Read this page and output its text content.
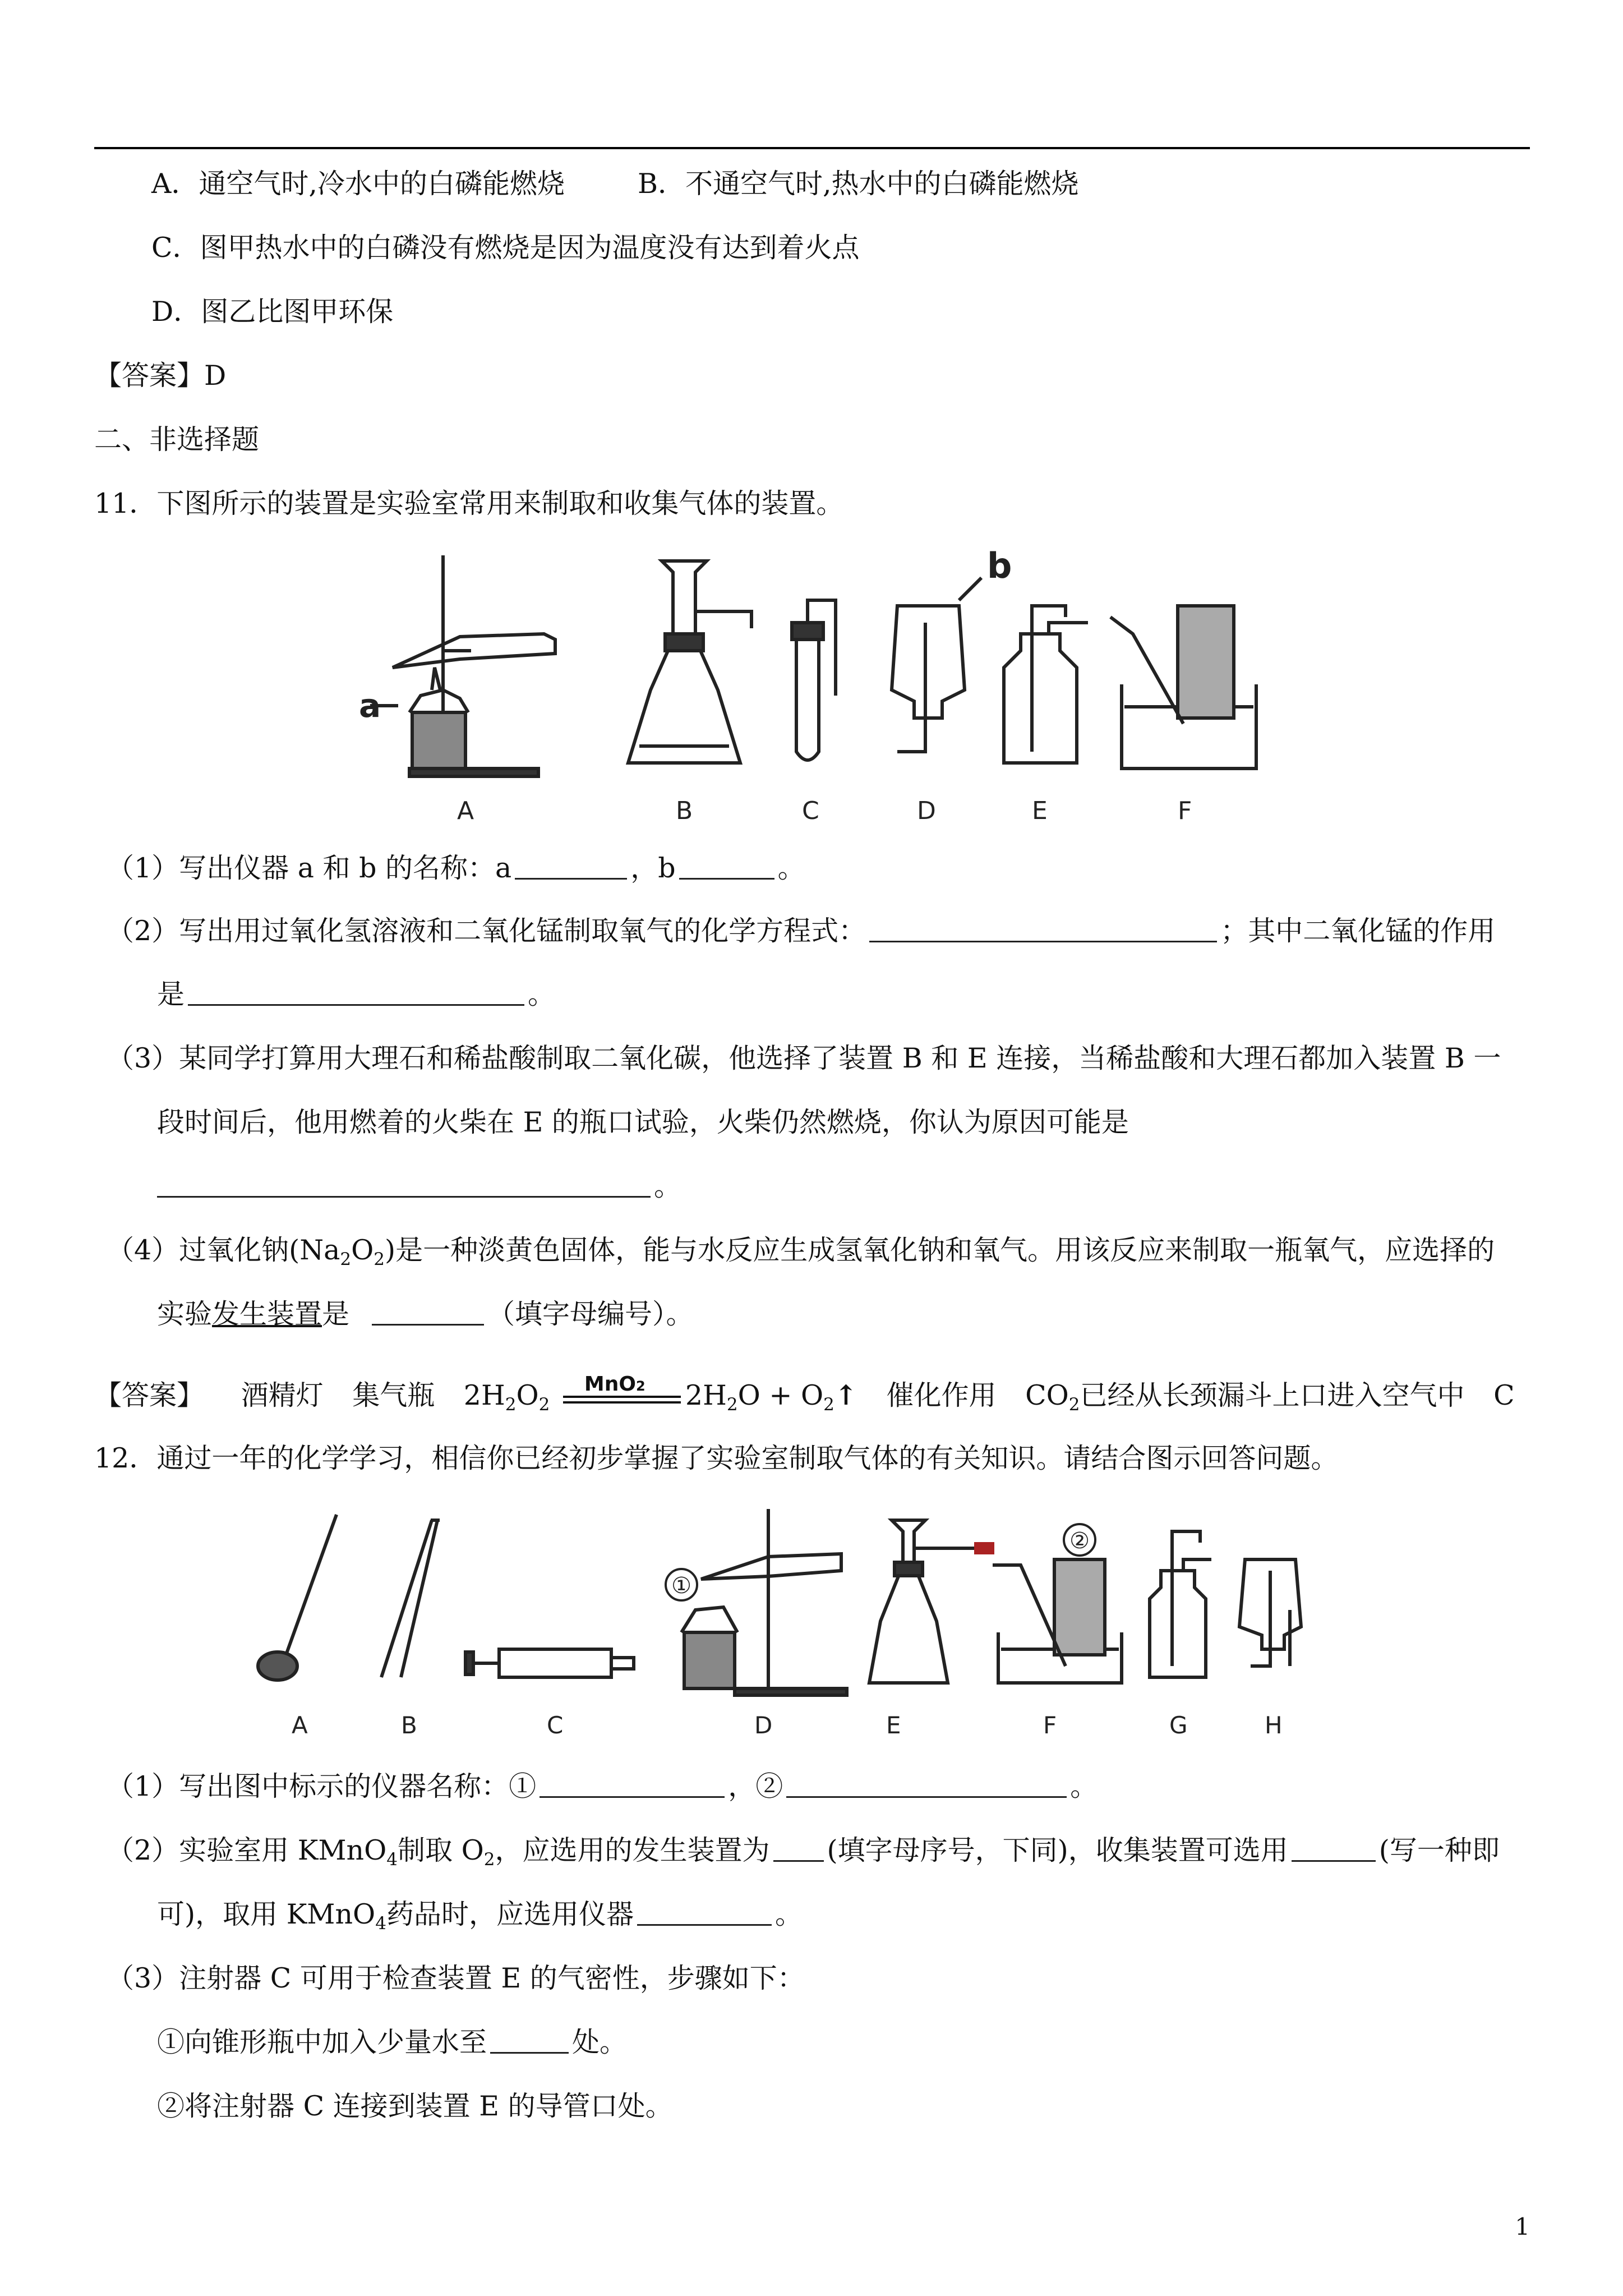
A．通空气时,冷水中的白磷能燃烧	B．不通空气时,热水中的白磷能燃烧
C．图甲热水中的白磷没有燃烧是因为温度没有达到着火点
D．图乙比图甲环保
【答案】D
二、非选择题
11．下图所示的装置是实验室常用来制取和收集气体的装置。
a
b
A	B	C	D	E	F
（1）写出仪器 a 和 b 的名称：a	，b	。
（2）写出用过氧化氢溶液和二氧化锰制取氧气的化学方程式：	；其中二氧化锰的作用
是	。
（3）某同学打算用大理石和稀盐酸制取二氧化碳，他选择了装置 B 和 E 连接，当稀盐酸和大理石都加入装置 B 一
段时间后，他用燃着的火柴在 E 的瓶口试验，火柴仍然燃烧，你认为原因可能是
。
（4）过氧化钠$(Na_2O_2)$是一种淡黄色固体，能与水反应生成氢氧化钠和氧气。用该反应来制取一瓶氧气，应选择的
实验发生装置是	（填字母编号）。
【答案】 酒精灯 集气瓶 $2H_2O_2$
MnO2 $2H_2O$ + $O_2↑$ 催化作用 $CO_2$已经从长颈漏斗上口进入空气中 C
12．通过一年的化学学习，相信你已经初步掌握了实验室制取气体的有关知识。请结合图示回答问题。
①
②
A	B	C	D	E	F	G	H
（1）写出图中标示的仪器名称：①	，②	。
（2）实验室用 KMnO$_4$制取 $O_2$，应选用的发生装置为 (填字母序号，下同)，收集装置可选用	(写一种即
可)，取用 KMnO$_4$药品时，应选用仪器	。
（3）注射器 C 可用于检查装置 E 的气密性，步骤如下：
①向锥形瓶中加入少量水至	处。
②将注射器 C 连接到装置 E 的导管口处。
1
